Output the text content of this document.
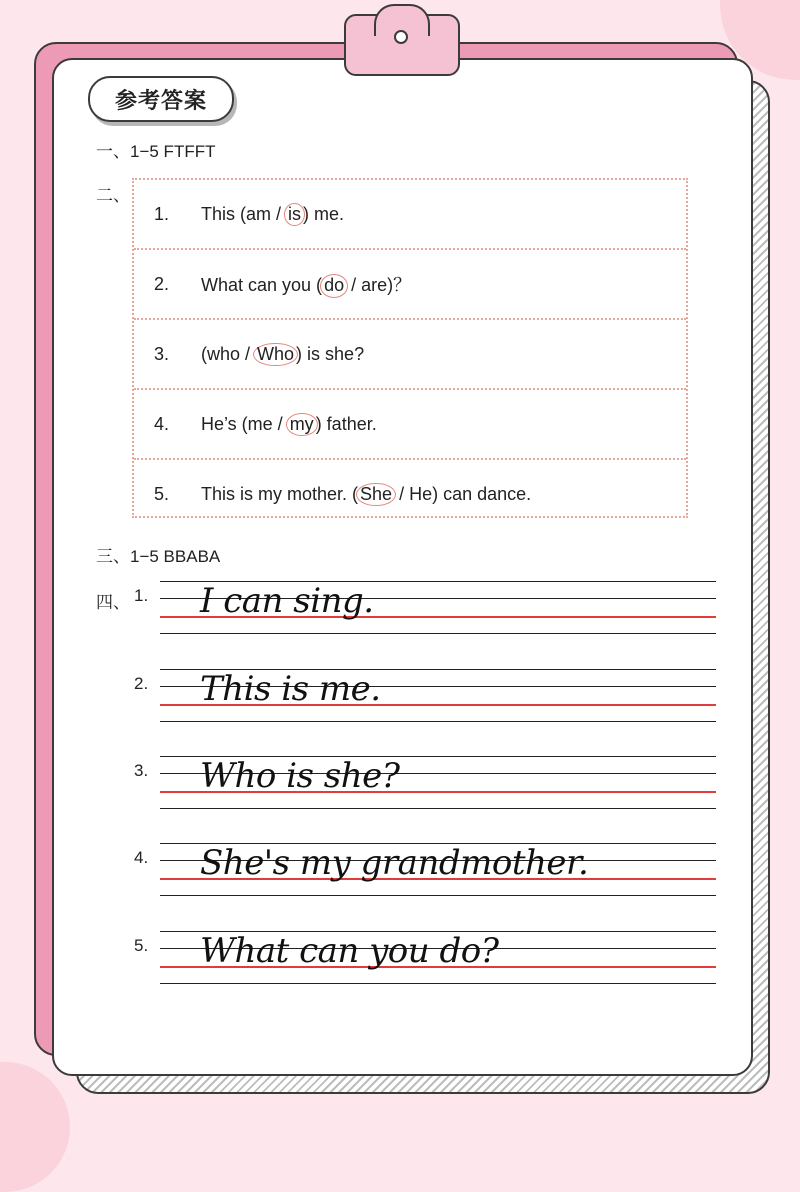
参考答案
一、1−5 FTFFT
二、
1. This (am / is ) me.
2. What can you ( do / are)？
3. (who / Who ) is she?
4. He’s (me / my ) father.
5. This is my mother. ( She / He) can dance.
三、1−5 BBABA
四、 1. I can sing.
2. This is me.
3. Who is she?
4. She's my grandmother.
5. What can you do?
